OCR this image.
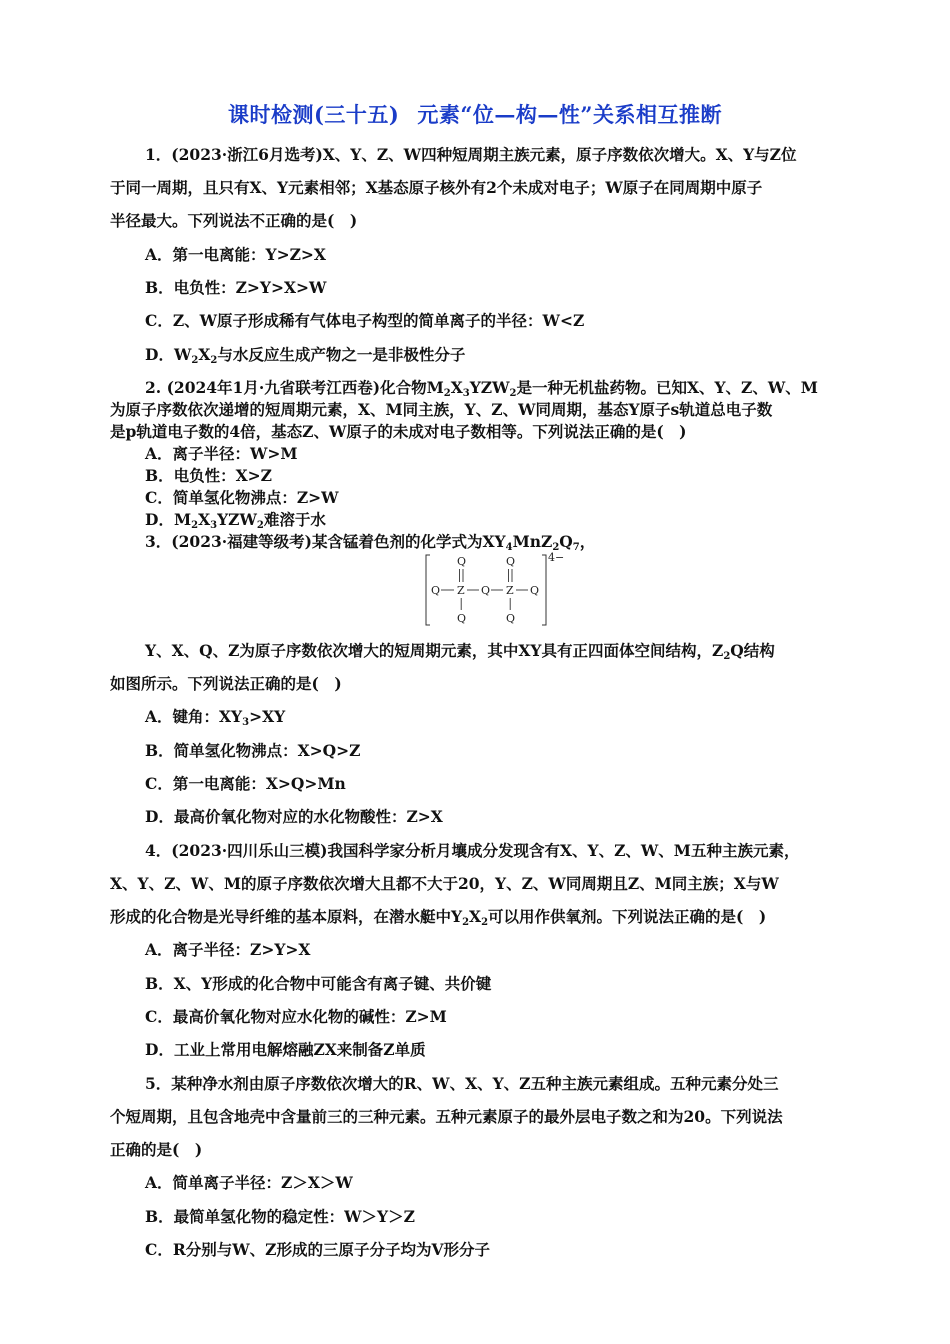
课时检测(三十五) 元素“位—构—性”关系相互推断
1．(2023·浙江6月选考)X、Y、Z、W四种短周期主族元素，原子序数依次增大。X、Y与Z位
于同一周期，且只有X、Y元素相邻；X基态原子核外有2个未成对电子；W原子在同周期中原子
半径最大。下列说法不正确的是(　)
A．第一电离能：Y>Z>X
B．电负性：Z>Y>X>W
C．Z、W原子形成稀有气体电子构型的简单离子的半径：W<Z
D．$W_2X_2$与水反应生成产物之一是非极性分子
2. (2024年1月·九省联考江西卷)化合物$M_2X_3YZW_2$是一种无机盐药物。已知X、Y、Z、W、M
为原子序数依次递增的短周期元素，X、M同主族，Y、Z、W同周期，基态Y原子s轨道总电子数
是p轨道电子数的4倍，基态Z、W原子的未成对电子数相等。下列说法正确的是(　)
A．离子半径：W>M
B．电负性：X>Z
C．简单氢化物沸点：Z>W
D．$M_2X_3YZW_2$难溶于水
3．(2023·福建等级考)某含锰着色剂的化学式为$XY_4MnZ_2Q_7$，
4−
Q	Q
Q Z Q Z Q
Q	Q
Y、X、Q、Z为原子序数依次增大的短周期元素，其中XY具有正四面体空间结构，$Z_2Q$结构
如图所示。下列说法正确的是(　)
A．键角：$XY_3>XY$
B．简单氢化物沸点：X>Q>Z
C．第一电离能：X>Q>Mn
D．最高价氧化物对应的水化物酸性：Z>X
4．(2023·四川乐山三模)我国科学家分析月壤成分发现含有X、Y、Z、W、M五种主族元素，
X、Y、Z、W、M的原子序数依次增大且都不大于20，Y、Z、W同周期且Z、M同主族；X与W
形成的化合物是光导纤维的基本原料，在潜水艇中$Y_2X_2$可以用作供氧剂。下列说法正确的是(　)
A．离子半径：Z>Y>X
B．X、Y形成的化合物中可能含有离子键、共价键
C．最高价氧化物对应水化物的碱性：Z>M
D．工业上常用电解熔融ZX来制备Z单质
5．某种净水剂由原子序数依次增大的R、W、X、Y、Z五种主族元素组成。五种元素分处三
个短周期，且包含地壳中含量前三的三种元素。五种元素原子的最外层电子数之和为20。下列说法
正确的是(　)
A．简单离子半径：Z＞X＞W
B．最简单氢化物的稳定性：W＞Y＞Z
C．R分别与W、Z形成的三原子分子均为V形分子
